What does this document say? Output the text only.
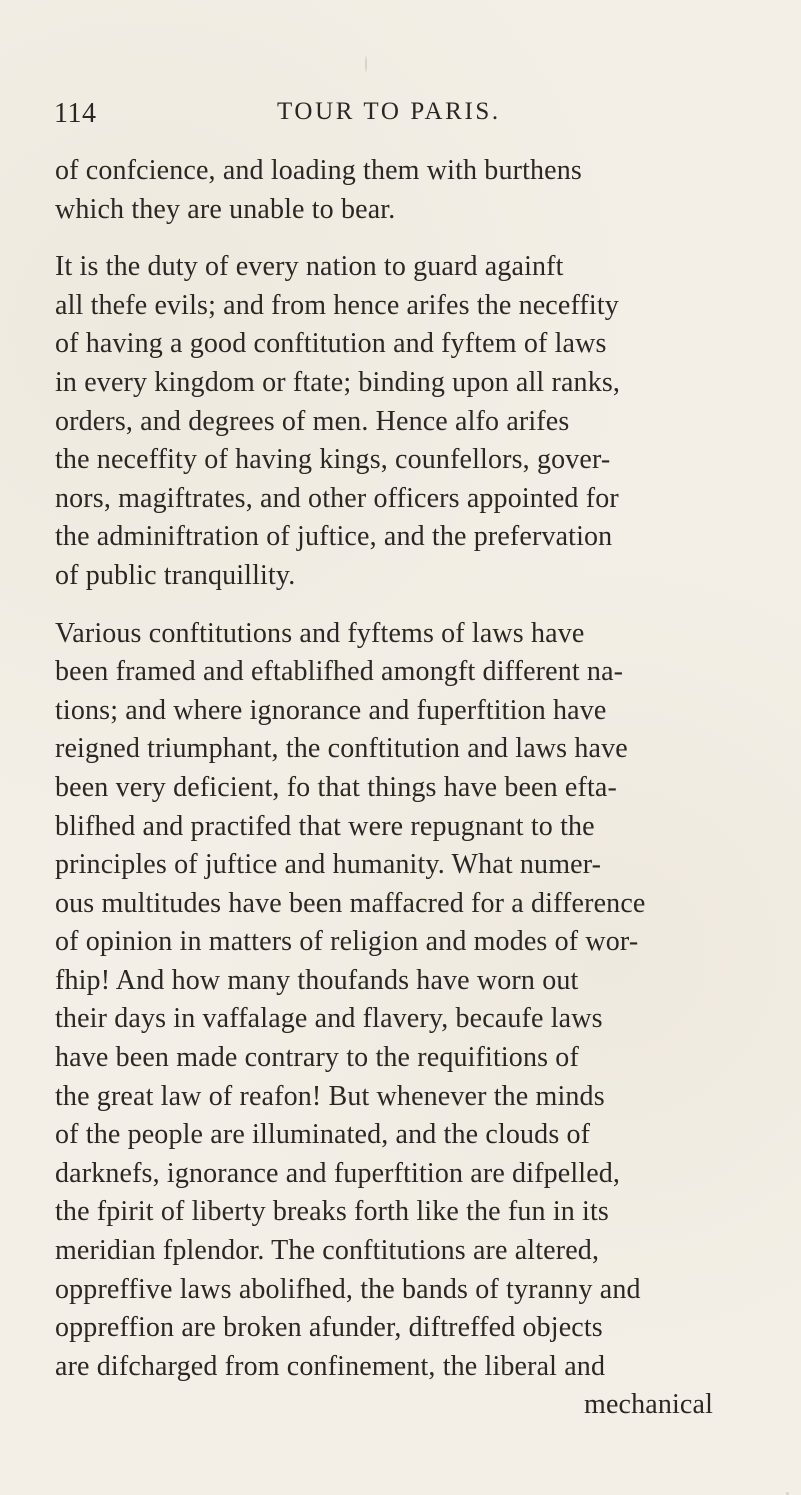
114	TOUR TO PARIS.
of confcience, and loading them with burthens
which they are unable to bear.
It is the duty of every nation to guard againft
all thefe evils; and from hence arifes the neceffity
of having a good conftitution and fyftem of laws
in every kingdom or ftate; binding upon all ranks,
orders, and degrees of men. Hence alfo arifes
the neceffity of having kings, counfellors, gover-
nors, magiftrates, and other officers appointed for
the adminiftration of juftice, and the prefervation
of public tranquillity.
Various conftitutions and fyftems of laws have
been framed and eftablifhed amongft different na-
tions; and where ignorance and fuperftition have
reigned triumphant, the conftitution and laws have
been very deficient, fo that things have been efta-
blifhed and practifed that were repugnant to the
principles of juftice and humanity. What numer-
ous multitudes have been maffacred for a difference
of opinion in matters of religion and modes of wor-
fhip! And how many thoufands have worn out
their days in vaffalage and flavery, becaufe laws
have been made contrary to the requifitions of
the great law of reafon! But whenever the minds
of the people are illuminated, and the clouds of
darknefs, ignorance and fuperftition are difpelled,
the fpirit of liberty breaks forth like the fun in its
meridian fplendor. The conftitutions are altered,
oppreffive laws abolifhed, the bands of tyranny and
oppreffion are broken afunder, diftreffed objects
are difcharged from confinement, the liberal and
mechanical
